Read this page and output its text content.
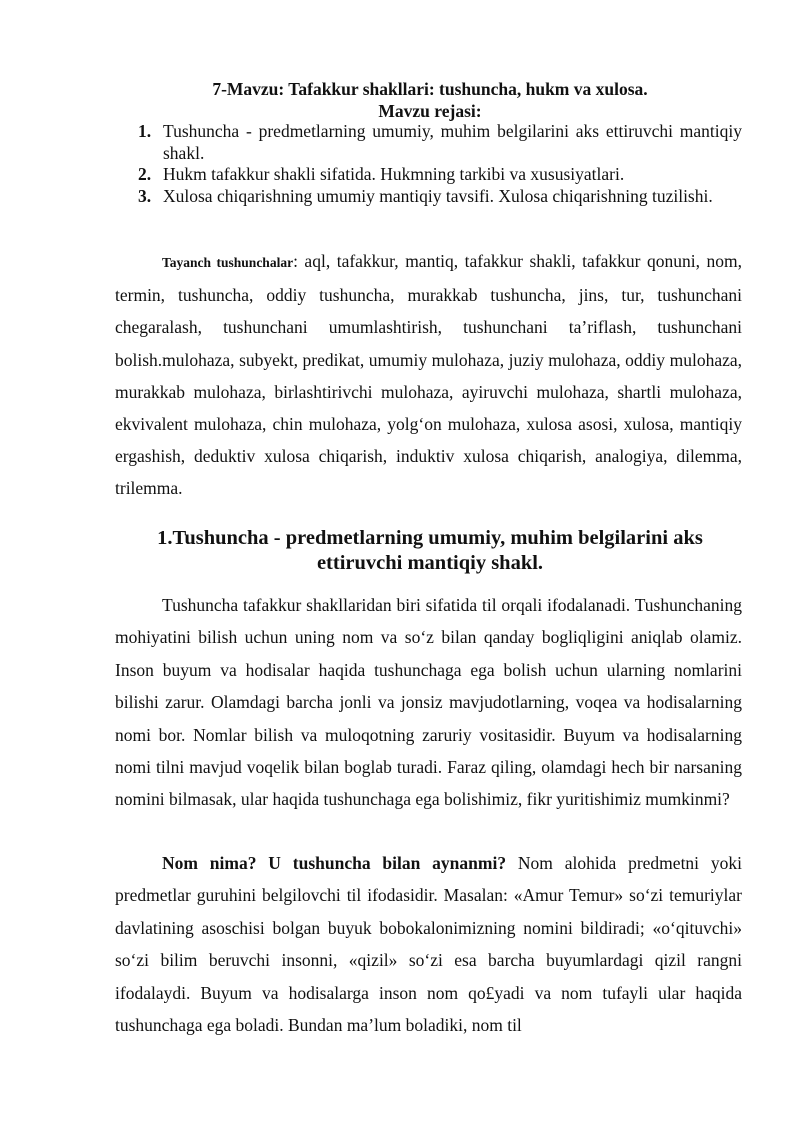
7-Mavzu: Tafakkur shakllari: tushuncha, hukm va xulosa.
Mavzu rejasi:
1. Tushuncha - predmetlarning umumiy, muhim belgilarini aks ettiruvchi mantiqiy shakl.
2. Hukm tafakkur shakli sifatida. Hukmning tarkibi va xususiyatlari.
3. Xulosa chiqarishning umumiy mantiqiy tavsifi. Xulosa chiqarishning tuzilishi.

Tayanch tushunchalar: aql, tafakkur, mantiq, tafakkur shakli, tafakkur qonuni, nom, termin, tushuncha, oddiy tushuncha, murakkab tushuncha, jins, tur, tushunchani chegaralash, tushunchani umumlashtirish, tushunchani ta’riflash, tushunchani bolish.mulohaza, subyekt, predikat, umumiy mulohaza, juziy mulohaza, oddiy mulohaza, murakkab mulohaza, birlashtirivchi mulohaza, ayiruvchi mulohaza, shartli mulohaza, ekvivalent mulohaza, chin mulohaza, yolg‘on mulohaza, xulosa asosi, xulosa, mantiqiy ergashish, deduktiv xulosa chiqarish, induktiv xulosa chiqarish, analogiya, dilemma, trilemma.

1.Tushuncha - predmetlarning umumiy, muhim belgilarini aks ettiruvchi mantiqiy shakl.

Tushuncha tafakkur shakllaridan biri sifatida til orqali ifodalanadi. Tushunchaning mohiyatini bilish uchun uning nom va so‘z bilan qanday bogliqligini aniqlab olamiz. Inson buyum va hodisalar haqida tushunchaga ega bolish uchun ularning nomlarini bilishi zarur. Olamdagi barcha jonli va jonsiz mavjudotlarning, voqea va hodisalarning nomi bor. Nomlar bilish va muloqotning zaruriy vositasidir. Buyum va hodisalarning nomi tilni mavjud voqelik bilan boglab turadi. Faraz qiling, olamdagi hech bir narsaning nomini bilmasak, ular haqida tushunchaga ega bolishimiz, fikr yuritishimiz mumkinmi?

Nom nima? U tushuncha bilan aynanmi? Nom alohida predmetni yoki predmetlar guruhini belgilovchi til ifodasidir. Masalan: «Amur Temur» so‘zi temuriylar davlatining asoschisi bolgan buyuk bobokalonimizning nomini bildiradi; «o‘qituvchi» so‘zi bilim beruvchi insonni, «qizil» so‘zi esa barcha buyumlardagi qizil rangni ifodalaydi. Buyum va hodisalarga inson nom qo£yadi va nom tufayli ular haqida tushunchaga ega boladi. Bundan ma’lum boladiki, nom til
